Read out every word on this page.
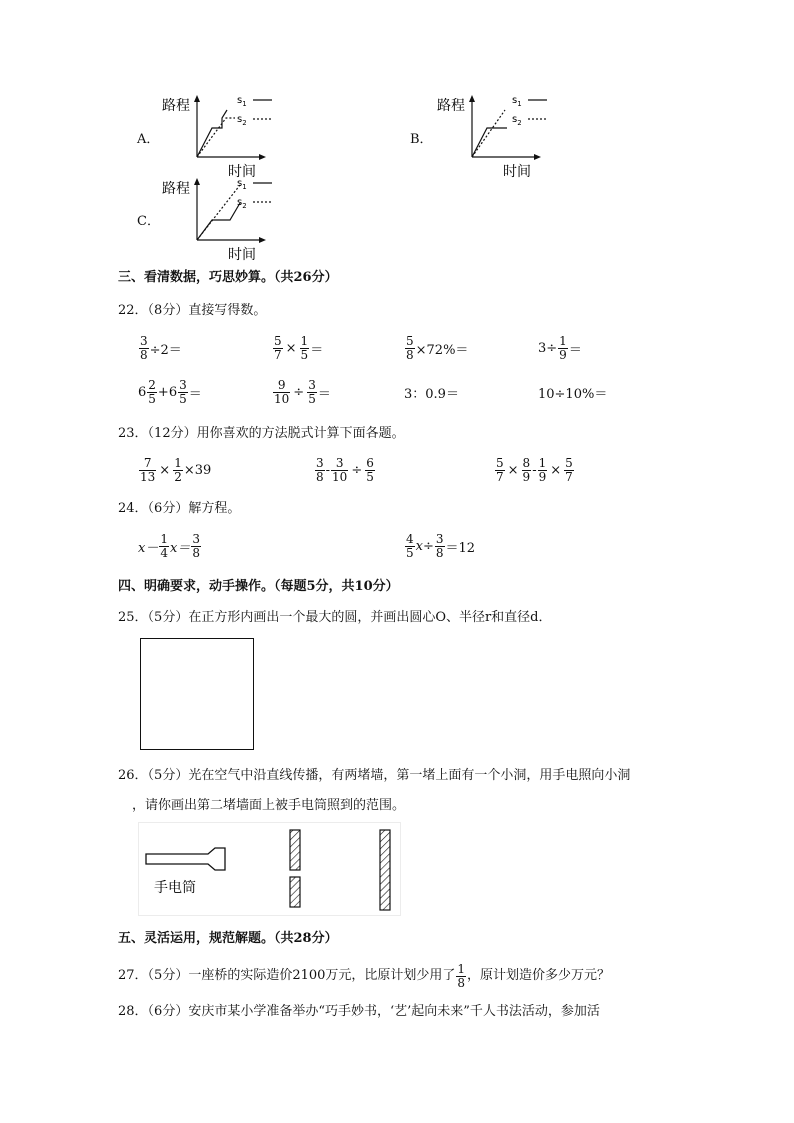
A．
路程
时间
$s_1$
$s_2$
B．
路程
时间
$s_1$
$s_2$
C．
路程
时间
$s_1$
$s_2$
三、看清数据，巧思妙算。（共26分）
22．（8分）直接写得数。
$\frac{3}{8} \div 2=$	$\frac{5}{7} \times \frac{1}{5}$ ＝	$\frac{5}{8} \times 72\%=$	$3\div \frac{1}{9}$ ＝
$6 \frac{2}{5} + 6 \frac{3}{5}$ ＝	$\frac{9}{10} \div \frac{3}{5}$ ＝	3：0.9＝	10÷10%＝
23．（12分）用你喜欢的方法脱式计算下面各题。
$\frac{7}{13} \times \frac{1}{2} \times 39$	$\frac{3}{8} - \frac{3}{10} \div \frac{6}{5}$	$\frac{5}{7} \times \frac{8}{9} - \frac{1}{9} \times \frac{5}{7}$
24．（6分）解方程。
$x- \frac{1}{4} x= \frac{3}{8}$	$\frac{4}{5} x\div \frac{3}{8} =12$
四、明确要求，动手操作。（每题5分，共10分）
25．（5分）在正方形内画出一个最大的圆，并画出圆心O、半径r和直径d．
26．（5分）光在空气中沿直线传播，有两堵墙，第一堵上面有一个小洞，用手电照向小洞
，请你画出第二堵墙面上被手电筒照到的范围。
手电筒
五、灵活运用，规范解题。（共28分）
27．（5分）一座桥的实际造价2100万元，比原计划少用了 $\frac{1}{8}$ ，原计划造价多少万元？
28．（6分）安庆市某小学准备举办“巧手妙书，‘艺’起向未来”千人书法活动，参加活
